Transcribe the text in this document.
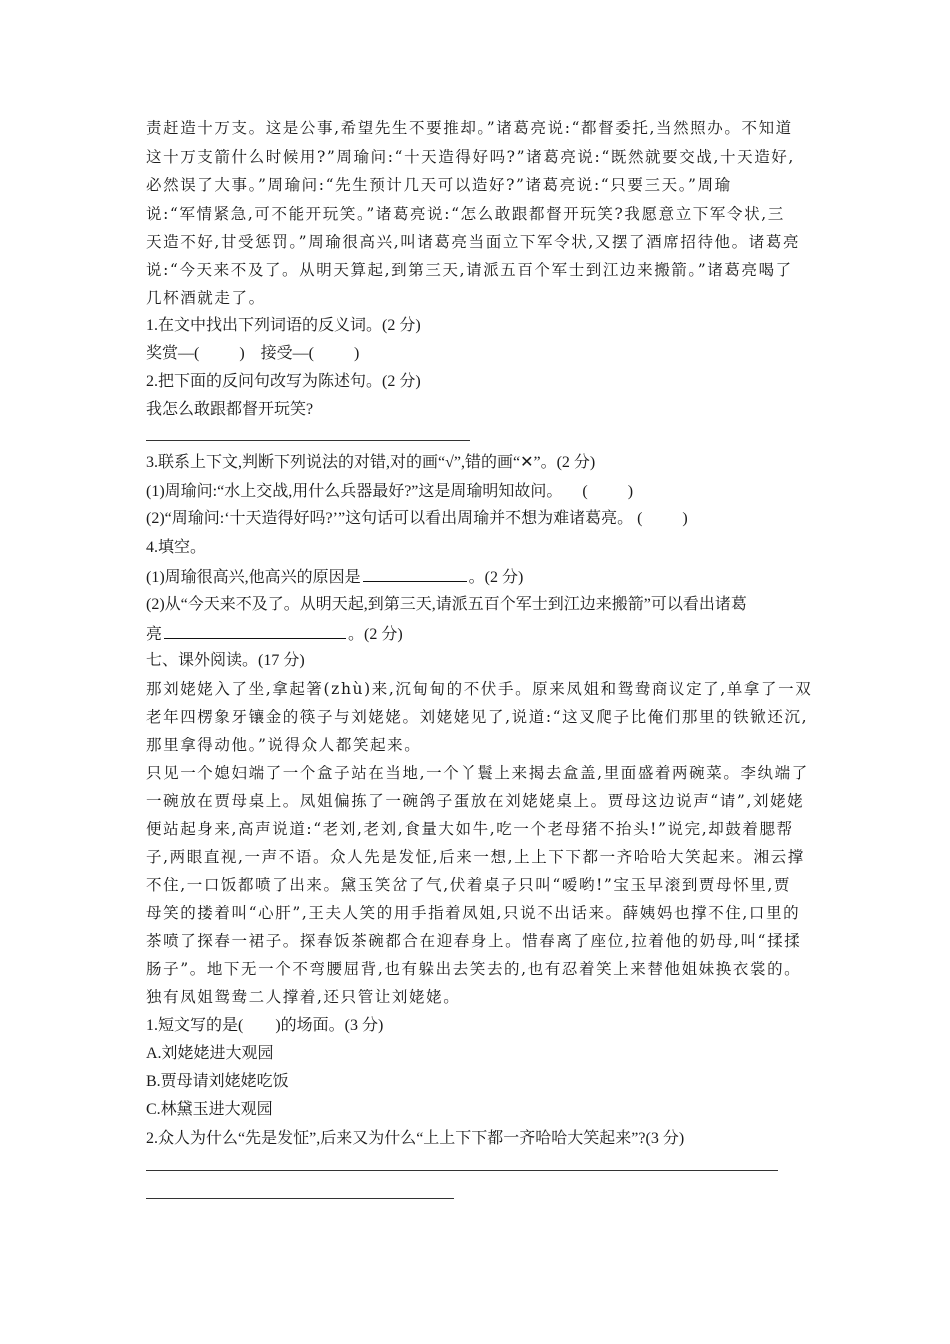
责赶造十万支。这是公事,希望先生不要推却。”诸葛亮说:“都督委托,当然照办。不知道
这十万支箭什么时候用?”周瑜问:“十天造得好吗?”诸葛亮说:“既然就要交战,十天造好,
必然误了大事。”周瑜问:“先生预计几天可以造好?”诸葛亮说:“只要三天。”周瑜
说:“军情紧急,可不能开玩笑。”诸葛亮说:“怎么敢跟都督开玩笑?我愿意立下军令状,三
天造不好,甘受惩罚。”周瑜很高兴,叫诸葛亮当面立下军令状,又摆了酒席招待他。诸葛亮
说:“今天来不及了。从明天算起,到第三天,请派五百个军士到江边来搬箭。”诸葛亮喝了
几杯酒就走了。
1.在文中找出下列词语的反义词。(2 分)
奖赏—(          )    接受—(          )
2.把下面的反问句改写为陈述句。(2 分)
我怎么敢跟都督开玩笑?
3.联系上下文,判断下列说法的对错,对的画“√”,错的画“✕”。(2 分)
(1)周瑜问:“水上交战,用什么兵器最好?”这是周瑜明知故问。     (          )
(2)“周瑜问:‘十天造得好吗?’”这句话可以看出周瑜并不想为难诸葛亮。 (          )
4.填空。
(1)周瑜很高兴,他高兴的原因是	。(2 分)
(2)从“今天来不及了。从明天起,到第三天,请派五百个军士到江边来搬箭”可以看出诸葛
亮	。(2 分)
七、课外阅读。(17 分)
那刘姥姥入了坐,拿起箸(zhù)来,沉甸甸的不伏手。原来凤姐和鸳鸯商议定了,单拿了一双
老年四楞象牙镶金的筷子与刘姥姥。刘姥姥见了,说道:“这叉爬子比俺们那里的铁锨还沉,
那里拿得动他。”说得众人都笑起来。
只见一个媳妇端了一个盒子站在当地,一个丫鬟上来揭去盒盖,里面盛着两碗菜。李纨端了
一碗放在贾母桌上。凤姐偏拣了一碗鸽子蛋放在刘姥姥桌上。贾母这边说声“请”,刘姥姥
便站起身来,高声说道:“老刘,老刘,食量大如牛,吃一个老母猪不抬头!”说完,却鼓着腮帮
子,两眼直视,一声不语。众人先是发怔,后来一想,上上下下都一齐哈哈大笑起来。湘云撑
不住,一口饭都喷了出来。黛玉笑岔了气,伏着桌子只叫“嗳哟!”宝玉早滚到贾母怀里,贾
母笑的搂着叫“心肝”,王夫人笑的用手指着凤姐,只说不出话来。薛姨妈也撑不住,口里的
茶喷了探春一裙子。探春饭茶碗都合在迎春身上。惜春离了座位,拉着他的奶母,叫“揉揉
肠子”。地下无一个不弯腰屈背,也有躲出去笑去的,也有忍着笑上来替他姐妹换衣裳的。
独有凤姐鸳鸯二人撑着,还只管让刘姥姥。
1.短文写的是(        )的场面。(3 分)
A.刘姥姥进大观园
B.贾母请刘姥姥吃饭
C.林黛玉进大观园
2.众人为什么“先是发怔”,后来又为什么“上上下下都一齐哈哈大笑起来”?(3 分)
